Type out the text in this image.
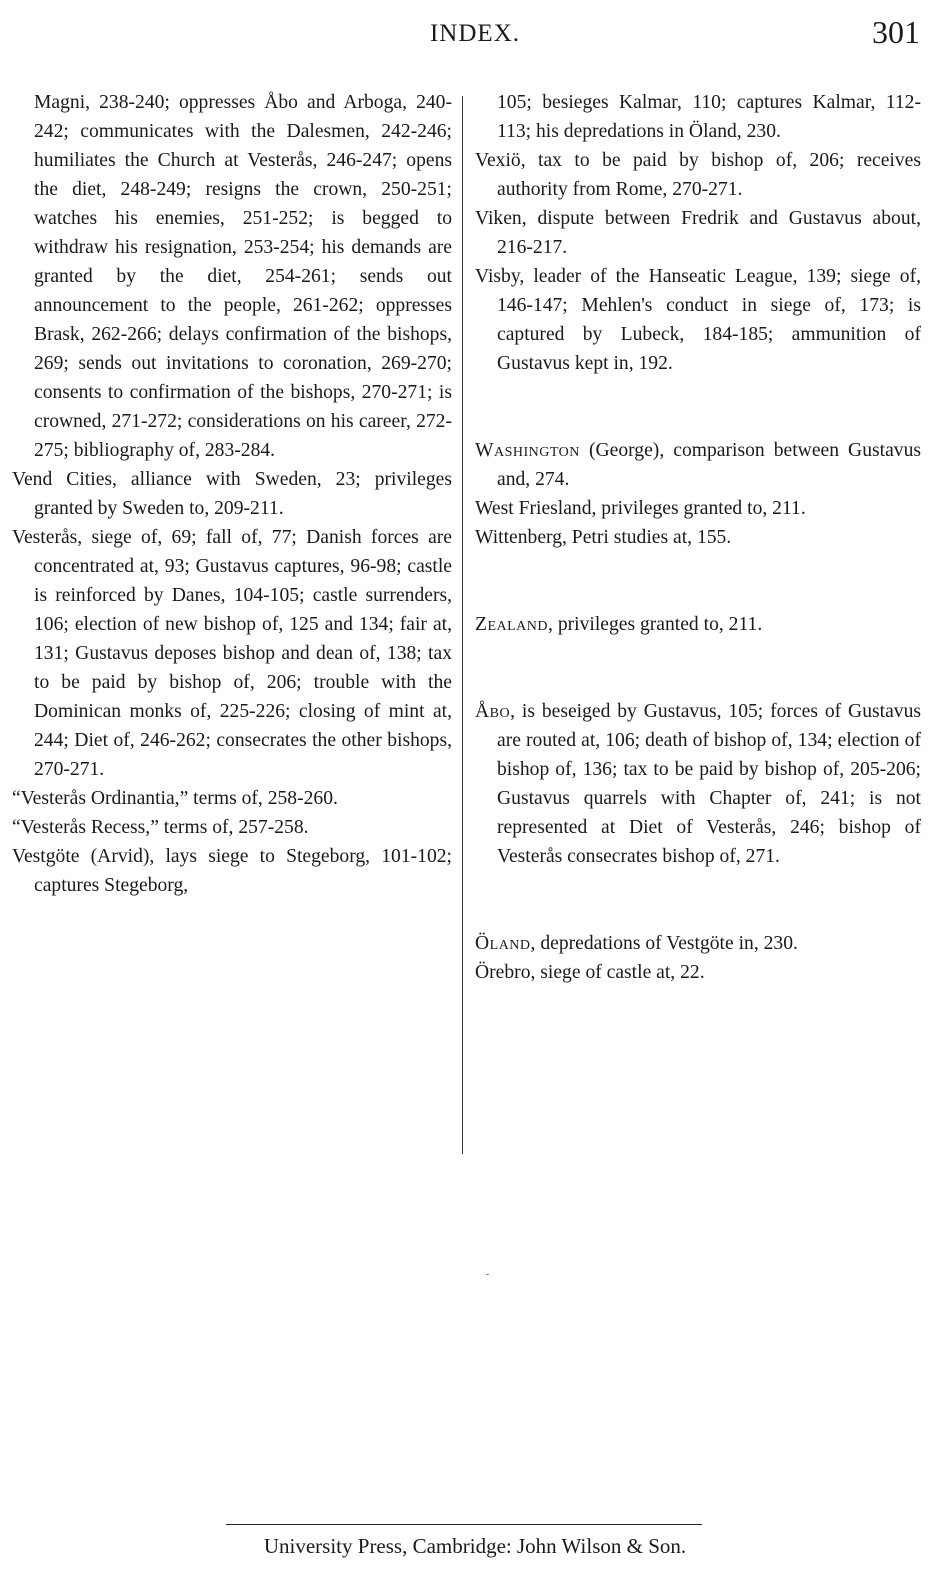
INDEX.	301

Magni, 238-240; oppresses Åbo and Arboga, 240-242; communicates with the Dalesmen, 242-246; humiliates the Church at Vesterås, 246-247; opens the diet, 248-249; resigns the crown, 250-251; watches his enemies, 251-252; is begged to withdraw his resignation, 253-254; his demands are granted by the diet, 254-261; sends out announcement to the people, 261-262; oppresses Brask, 262-266; delays confirmation of the bishops, 269; sends out invitations to coronation, 269-270; consents to confirmation of the bishops, 270-271; is crowned, 271-272; considerations on his career, 272-275; bibliography of, 283-284.

Vend Cities, alliance with Sweden, 23; privileges granted by Sweden to, 209-211.

Vesterås, siege of, 69; fall of, 77; Danish forces are concentrated at, 93; Gustavus captures, 96-98; castle is reinforced by Danes, 104-105; castle surrenders, 106; election of new bishop of, 125 and 134; fair at, 131; Gustavus deposes bishop and dean of, 138; tax to be paid by bishop of, 206; trouble with the Dominican monks of, 225-226; closing of mint at, 244; Diet of, 246-262; consecrates the other bishops, 270-271.

“Vesterås Ordinantia,” terms of, 258-260.

“Vesterås Recess,” terms of, 257-258.

Vestgöte (Arvid), lays siege to Stegeborg, 101-102; captures Stegeborg,

105; besieges Kalmar, 110; captures Kalmar, 112-113; his depredations in Öland, 230.

Vexiö, tax to be paid by bishop of, 206; receives authority from Rome, 270-271.

Viken, dispute between Fredrik and Gustavus about, 216-217.

Visby, leader of the Hanseatic League, 139; siege of, 146-147; Mehlen's conduct in siege of, 173; is captured by Lubeck, 184-185; ammunition of Gustavus kept in, 192.

Washington (George), comparison between Gustavus and, 274.

West Friesland, privileges granted to, 211.

Wittenberg, Petri studies at, 155.

Zealand, privileges granted to, 211.

Åbo, is beseiged by Gustavus, 105; forces of Gustavus are routed at, 106; death of bishop of, 134; election of bishop of, 136; tax to be paid by bishop of, 205-206; Gustavus quarrels with Chapter of, 241; is not represented at Diet of Vesterås, 246; bishop of Vesterås consecrates bishop of, 271.

Öland, depredations of Vestgöte in, 230.

Örebro, siege of castle at, 22.

University Press, Cambridge: John Wilson & Son.
